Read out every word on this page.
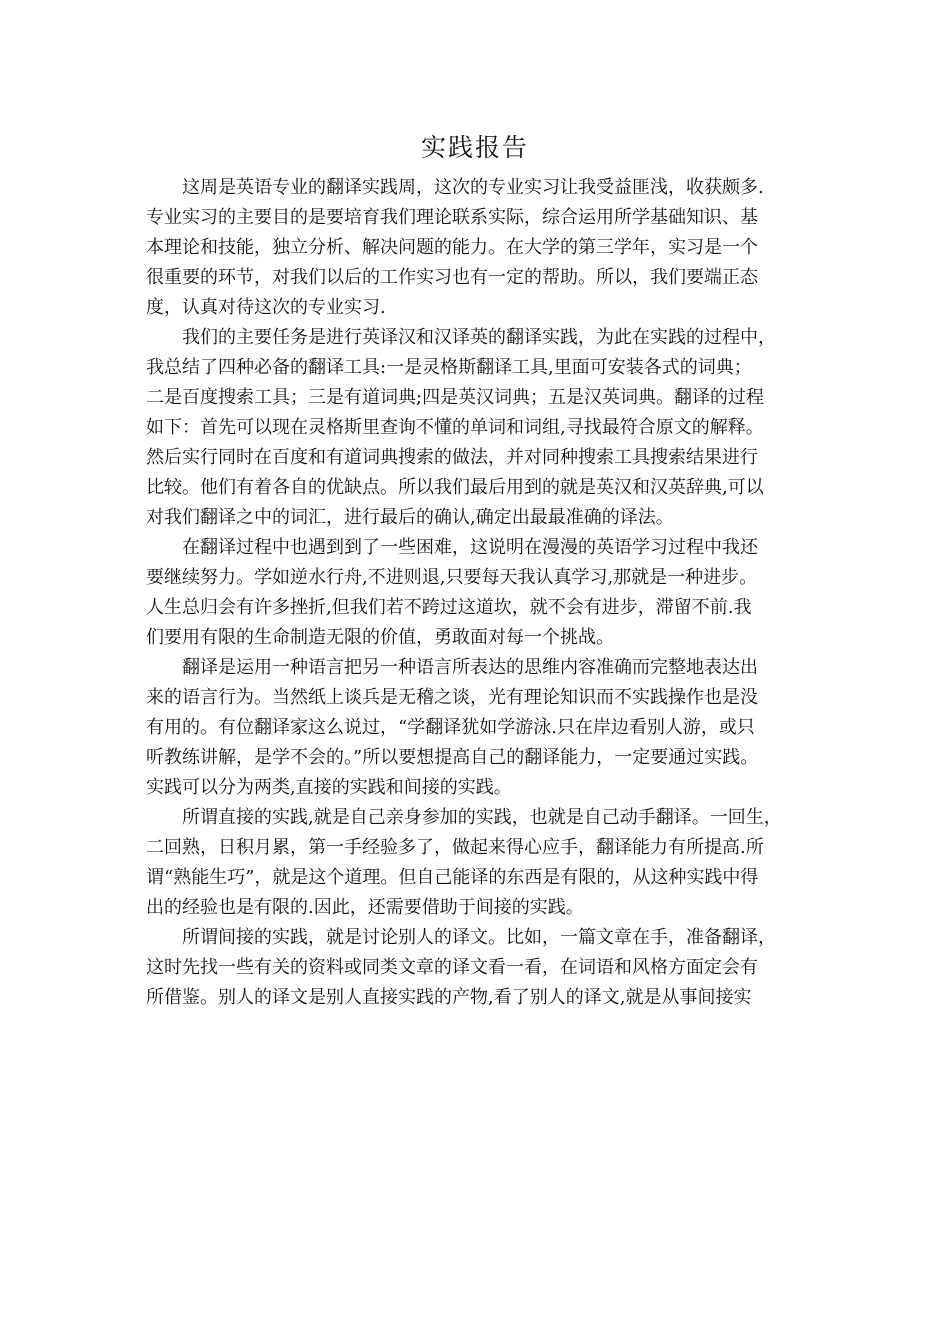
实践报告
这周是英语专业的翻译实践周，这次的专业实习让我受益匪浅，收获颇多.
专业实习的主要目的是要培育我们理论联系实际，综合运用所学基础知识、基
本理论和技能，独立分析、解决问题的能力。在大学的第三学年，实习是一个
很重要的环节，对我们以后的工作实习也有一定的帮助。所以，我们要端正态
度，认真对待这次的专业实习.
我们的主要任务是进行英译汉和汉译英的翻译实践，为此在实践的过程中，
我总结了四种必备的翻译工具:一是灵格斯翻译工具,里面可安装各式的词典；
二是百度搜索工具；三是有道词典;四是英汉词典；五是汉英词典。翻译的过程
如下：首先可以现在灵格斯里查询不懂的单词和词组,寻找最符合原文的解释。
然后实行同时在百度和有道词典搜索的做法，并对同种搜索工具搜索结果进行
比较。他们有着各自的优缺点。所以我们最后用到的就是英汉和汉英辞典,可以
对我们翻译之中的词汇，进行最后的确认,确定出最最准确的译法。
在翻译过程中也遇到到了一些困难，这说明在漫漫的英语学习过程中我还
要继续努力。学如逆水行舟,不进则退,只要每天我认真学习,那就是一种进步。
人生总归会有许多挫折,但我们若不跨过这道坎，就不会有进步，滞留不前.我
们要用有限的生命制造无限的价值，勇敢面对每一个挑战。
翻译是运用一种语言把另一种语言所表达的思维内容准确而完整地表达出
来的语言行为。当然纸上谈兵是无稽之谈，光有理论知识而不实践操作也是没
有用的。有位翻译家这么说过，“学翻译犹如学游泳.只在岸边看别人游，或只
听教练讲解，是学不会的。”所以要想提高自己的翻译能力，一定要通过实践。
实践可以分为两类,直接的实践和间接的实践。
所谓直接的实践,就是自己亲身参加的实践，也就是自己动手翻译。一回生，
二回熟，日积月累，第一手经验多了，做起来得心应手，翻译能力有所提高.所
谓“熟能生巧”，就是这个道理。但自己能译的东西是有限的，从这种实践中得
出的经验也是有限的.因此，还需要借助于间接的实践。
所谓间接的实践，就是讨论别人的译文。比如，一篇文章在手，准备翻译，
这时先找一些有关的资料或同类文章的译文看一看，在词语和风格方面定会有
所借鉴。别人的译文是别人直接实践的产物,看了别人的译文,就是从事间接实
